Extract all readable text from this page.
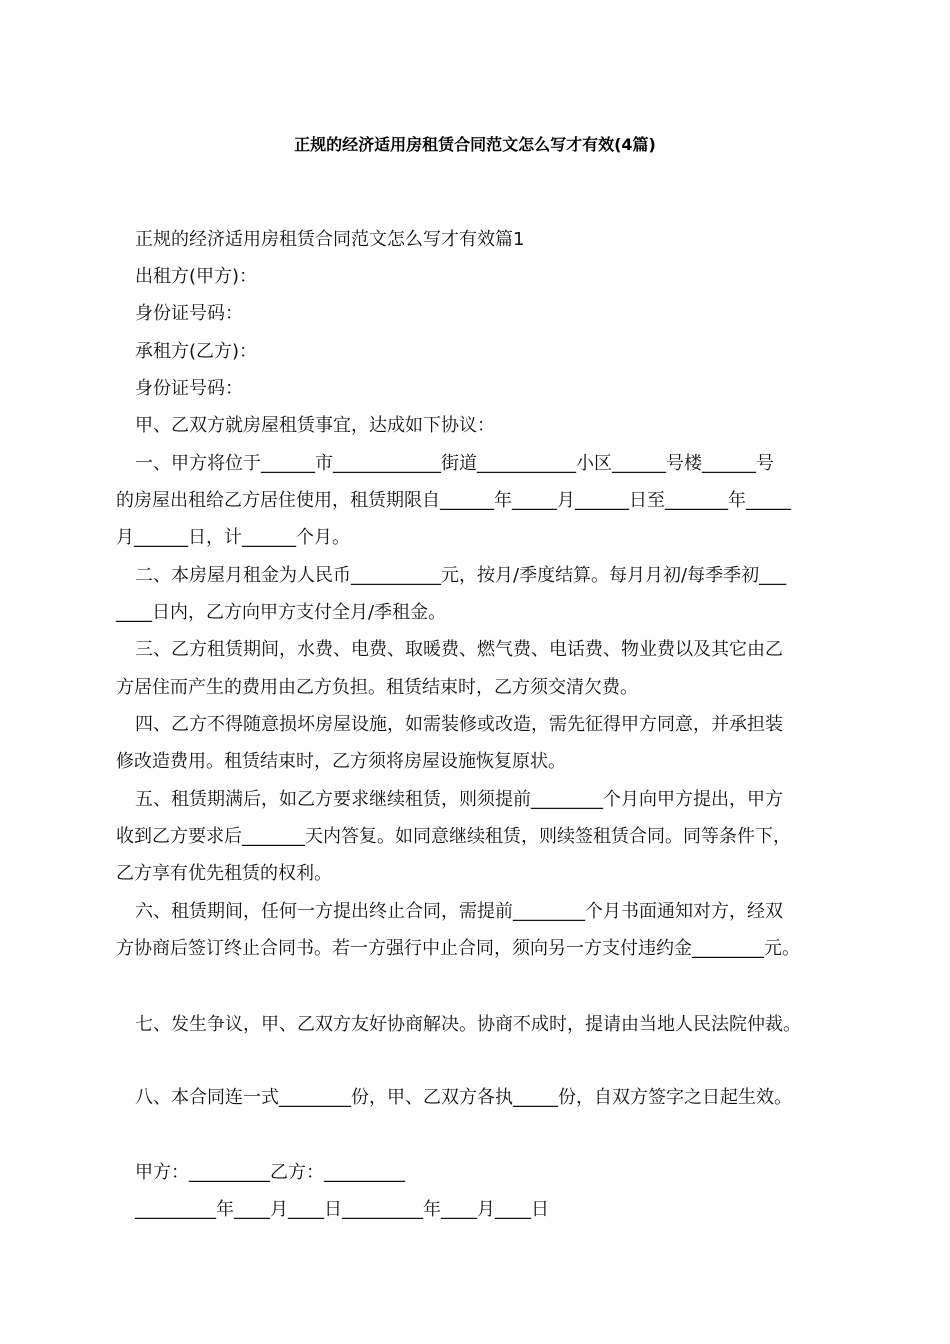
正规的经济适用房租赁合同范文怎么写才有效(4篇)
正规的经济适用房租赁合同范文怎么写才有效篇1
出租方(甲方)：
身份证号码：
承租方(乙方)：
身份证号码：
甲、乙双方就房屋租赁事宜，达成如下协议：
一、甲方将位于______市____________街道___________小区______号楼______号
的房屋出租给乙方居住使用，租赁期限自______年_____月______日至_______年_____
月______日，计______个月。
二、本房屋月租金为人民币__________元，按月/季度结算。每月月初/每季季初___
____日内，乙方向甲方支付全月/季租金。
三、乙方租赁期间，水费、电费、取暖费、燃气费、电话费、物业费以及其它由乙
方居住而产生的费用由乙方负担。租赁结束时，乙方须交清欠费。
四、乙方不得随意损坏房屋设施，如需装修或改造，需先征得甲方同意，并承担装
修改造费用。租赁结束时，乙方须将房屋设施恢复原状。
五、租赁期满后，如乙方要求继续租赁，则须提前________个月向甲方提出，甲方
收到乙方要求后_______天内答复。如同意继续租赁，则续签租赁合同。同等条件下，
乙方享有优先租赁的权利。
六、租赁期间，任何一方提出终止合同，需提前________个月书面通知对方，经双
方协商后签订终止合同书。若一方强行中止合同，须向另一方支付违约金________元。
七、发生争议，甲、乙双方友好协商解决。协商不成时，提请由当地人民法院仲裁。
八、本合同连一式________份，甲、乙双方各执_____份，自双方签字之日起生效。
甲方：_________乙方：_________
_________年____月____日_________年____月____日
